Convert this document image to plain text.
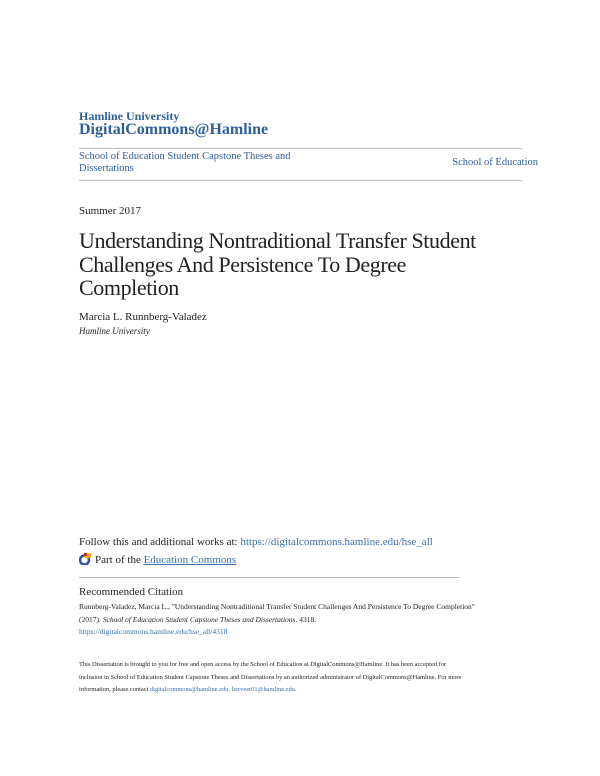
Hamline University
DigitalCommons@Hamline
School of Education Student Capstone Theses and
Dissertations
School of Education
Summer 2017
Understanding Nontraditional Transfer Student
Challenges And Persistence To Degree
Completion
Marcia L. Runnberg-Valadez
Hamline University
Follow this and additional works at: https://digitalcommons.hamline.edu/hse_all
Part of the Education Commons
Recommended Citation
Runnberg-Valadez, Marcia L., "Understanding Nontraditional Transfer Student Challenges And Persistence To Degree Completion"
(2017). School of Education Student Capstone Theses and Dissertations. 4318.
https://digitalcommons.hamline.edu/hse_all/4318
This Dissertation is brought to you for free and open access by the School of Education at DigitalCommons@Hamline. It has been accepted for
inclusion in School of Education Student Capstone Theses and Dissertations by an authorized administrator of DigitalCommons@Hamline. For more
information, please contact digitalcommons@hamline.edu, lterveer01@hamline.edu.
